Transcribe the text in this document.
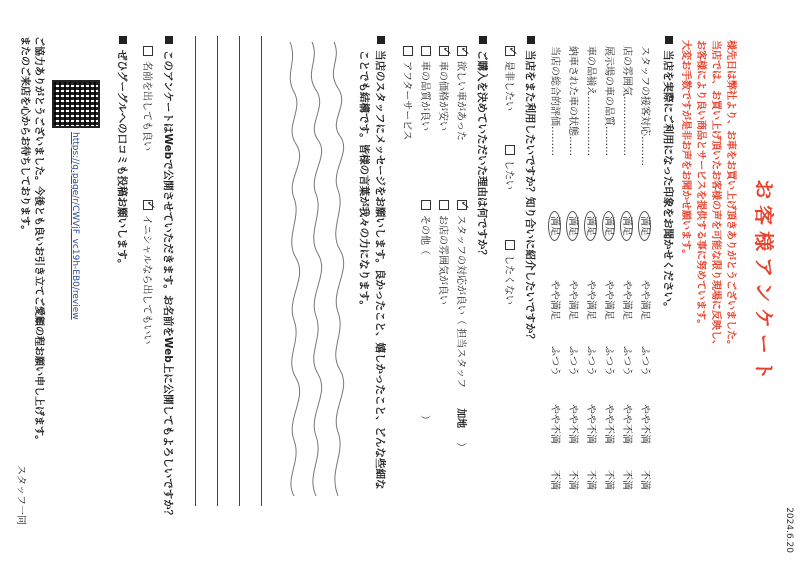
2024.6.20
お客様アンケート
様先日は弊社より、お車をお買い上げ頂きありがとうございました。
当店では、お買い上げ頂いたお客様の声を可能な限り現場に反映し、
お客様により良い商品とサービスを提供する事に努めています。
大変お手数ですが是非お声をお聞かせ願います。
当店を実際にご利用になった印象をお聞かせください。
スタッフの接客対応………
満足
やや満足
ふつう
やや不満
不満
店の雰囲気………………
満足
やや満足
ふつう
やや不満
不満
展示場の車の品質………
満足
やや満足
ふつう
やや不満
不満
車の品揃え………………
満足
やや満足
ふつう
やや不満
不満
納車された車の状態……
満足
やや満足
ふつう
やや不満
不満
当店の総合的評価………
満足
やや満足
ふつう
やや不満
不満
当店をまた利用したいですか？知り合いに紹介したいですか？
✓是非したい
したい
したくない
ご購入を決めていただいた理由は何ですか？
✓欲しい車があった
✓スタッフの対応が良い（ 担当スタッフ加地）
✓車の価格が安い
お店の雰囲気が良い
車の品質が良い
その他（）
アフターサービス
当店のスタッフにメッセージをお願いします。良かったこと、嬉しかったこと、どんな些細な
ことでも結構です。皆様の言葉が我々の力になります。
このアンケートはWebで公開させていただきます。お名前をWeb上に公開してもよろしいですか？
名前を出しても良い
✓イニシャルなら出してもいい
ぜひグーグルへの口コミも投稿お願いします。
https://g.page/r/CWVjF_vc19h-EB0/review
ご協力ありがとうございました。今後とも良いお引き立てご愛顧の程お願い申し上げます。
またのご来店を心からお待ちしております。
スタッフ一同
